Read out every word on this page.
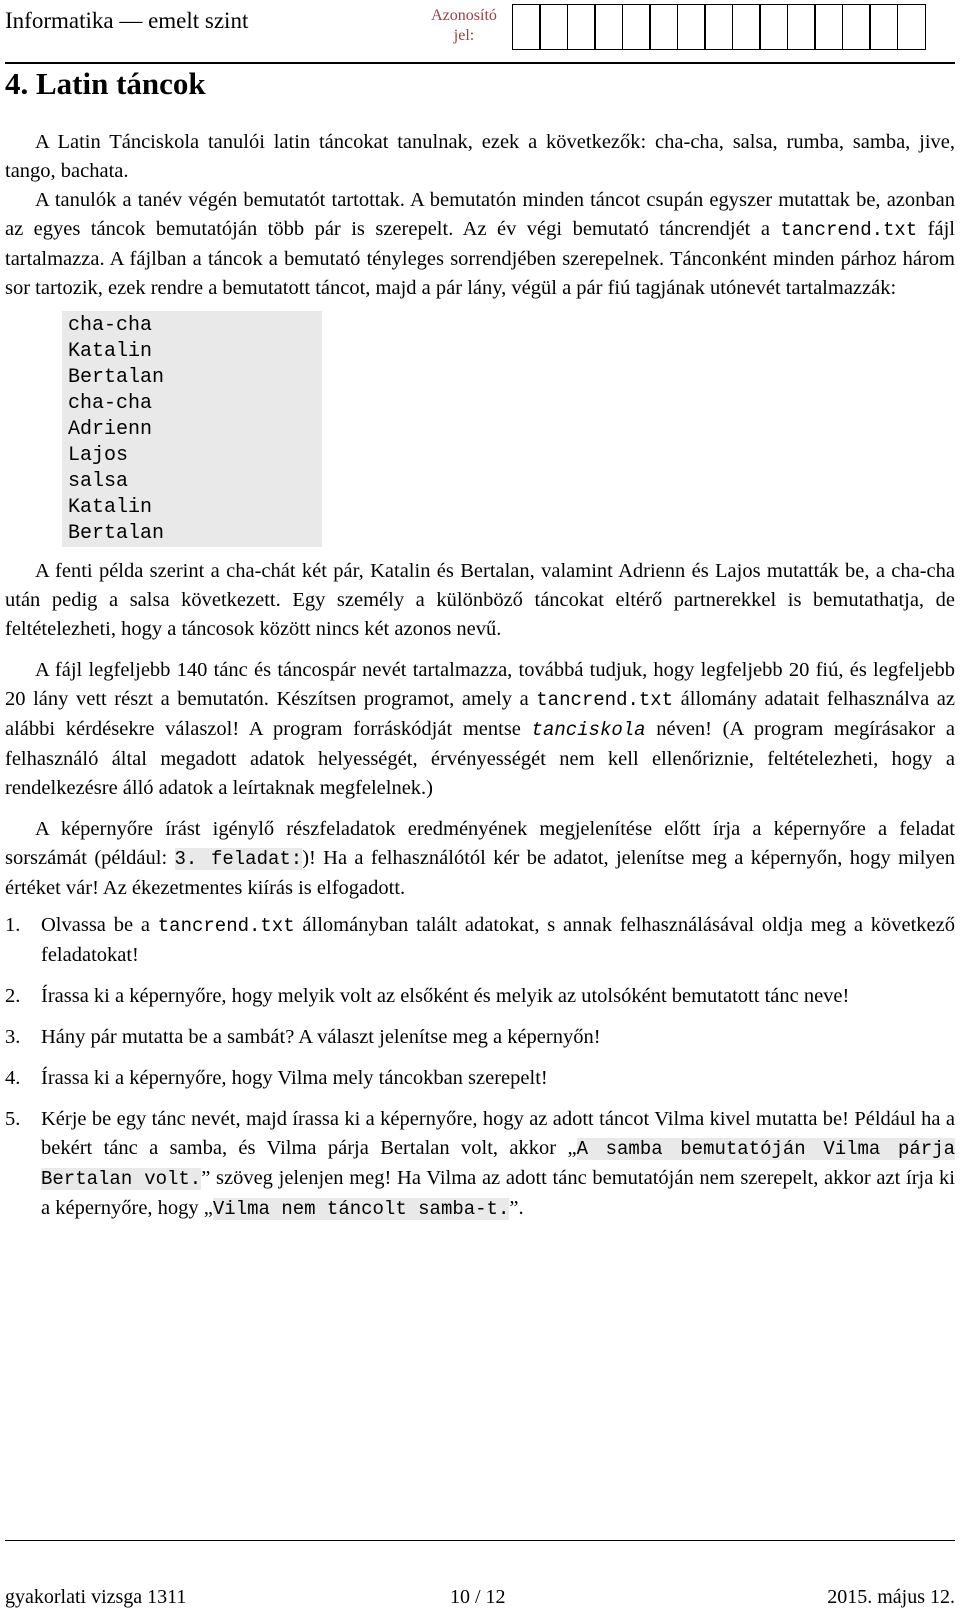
Informatika — emelt szint	Azonosító
jel:
4. Latin táncok

A Latin Tánciskola tanulói latin táncokat tanulnak, ezek a következők: cha-cha, salsa, rumba, samba, jive, tango, bachata.

A tanulók a tanév végén bemutatót tartottak. A bemutatón minden táncot csupán egyszer mutattak be, azonban az egyes táncok bemutatóján több pár is szerepelt. Az év végi bemutató táncrendjét a tancrend.txt fájl tartalmazza. A fájlban a táncok a bemutató tényleges sorrendjében szerepelnek. Tánconként minden párhoz három sor tartozik, ezek rendre a bemutatott táncot, majd a pár lány, végül a pár fiú tagjának utónevét tartalmazzák:

cha-cha
Katalin
Bertalan
cha-cha
Adrienn
Lajos
salsa
Katalin
Bertalan

A fenti példa szerint a cha-chát két pár, Katalin és Bertalan, valamint Adrienn és Lajos mutatták be, a cha-cha után pedig a salsa következett. Egy személy a különböző táncokat eltérő partnerekkel is bemutathatja, de feltételezheti, hogy a táncosok között nincs két azonos nevű.

A fájl legfeljebb 140 tánc és táncospár nevét tartalmazza, továbbá tudjuk, hogy legfeljebb 20 fiú, és legfeljebb 20 lány vett részt a bemutatón. Készítsen programot, amely a tancrend.txt állomány adatait felhasználva az alábbi kérdésekre válaszol! A program forráskódját mentse tanciskola néven! (A program megírásakor a felhasználó által megadott adatok helyességét, érvényességét nem kell ellenőriznie, feltételezheti, hogy a rendelkezésre álló adatok a leírtaknak megfelelnek.)

A képernyőre írást igénylő részfeladatok eredményének megjelenítése előtt írja a képernyőre a feladat sorszámát (például: 3. feladat:)! Ha a felhasználótól kér be adatot, jelenítse meg a képernyőn, hogy milyen értéket vár! Az ékezetmentes kiírás is elfogadott.

1.	Olvassa be a tancrend.txt állományban talált adatokat, s annak felhasználásával oldja meg a következő feladatokat!
2.	Írassa ki a képernyőre, hogy melyik volt az elsőként és melyik az utolsóként bemutatott tánc neve!
3.	Hány pár mutatta be a sambát? A választ jelenítse meg a képernyőn!
4.	Írassa ki a képernyőre, hogy Vilma mely táncokban szerepelt!
5.	Kérje be egy tánc nevét, majd írassa ki a képernyőre, hogy az adott táncot Vilma kivel mutatta be! Például ha a bekért tánc a samba, és Vilma párja Bertalan volt, akkor „A samba bemutatóján Vilma párja Bertalan volt.” szöveg jelenjen meg! Ha Vilma az adott tánc bemutatóján nem szerepelt, akkor azt írja ki a képernyőre, hogy „Vilma nem táncolt samba-t.”.
gyakorlati vizsga 1311	10 / 12	2015. május 12.
